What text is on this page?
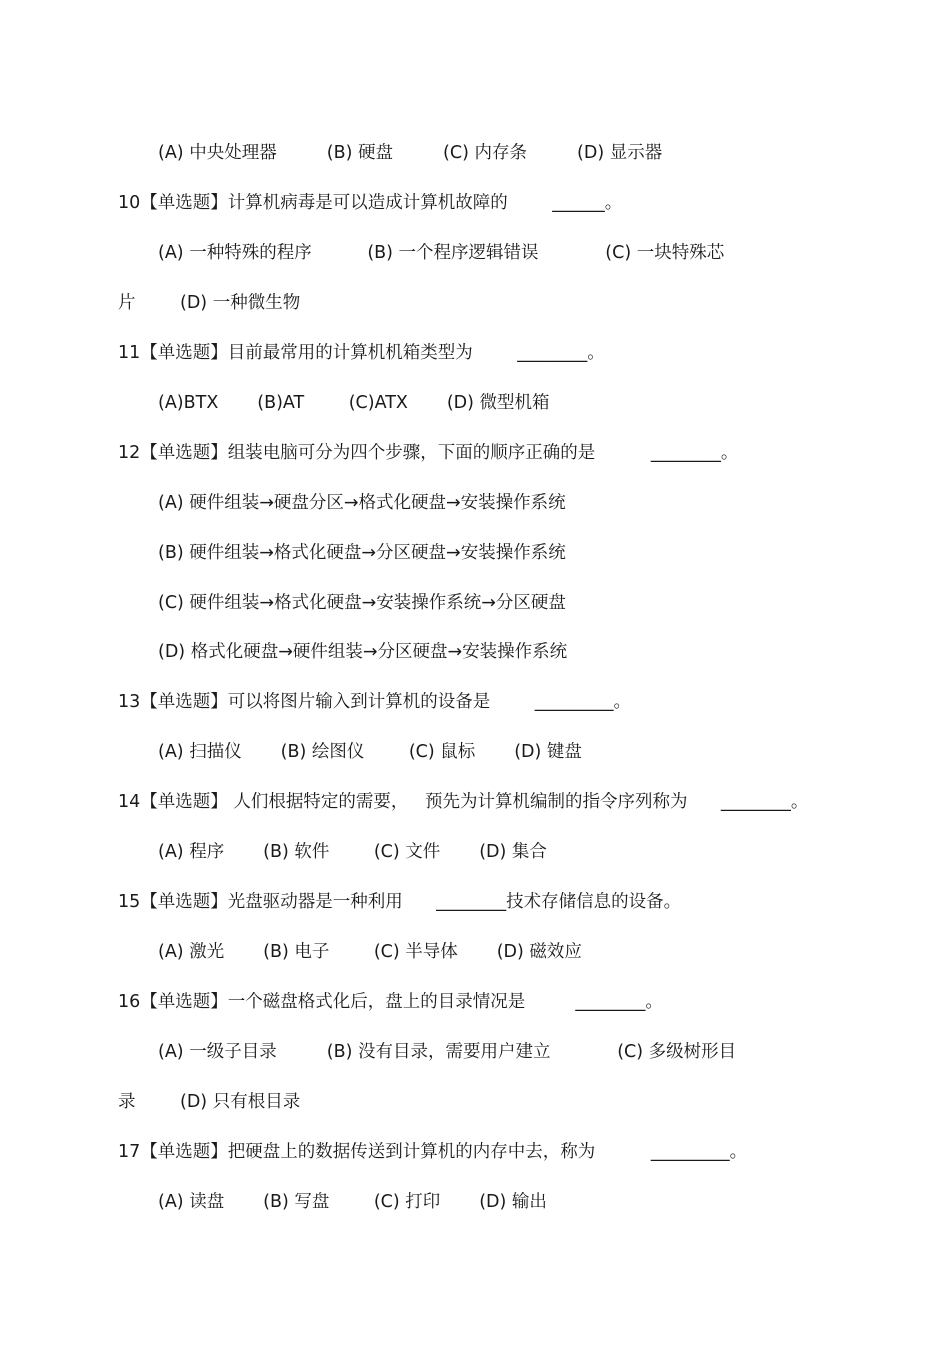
(A) 中央处理器         (B) 硬盘         (C) 内存条         (D) 显示器
10【单选题】计算机病毒是可以造成计算机故障的        ______。
(A) 一种特殊的程序          (B) 一个程序逻辑错误            (C) 一块特殊芯
片        (D) 一种微生物
11【单选题】目前最常用的计算机机箱类型为        ________。
(A)BTX       (B)AT        (C)ATX       (D) 微型机箱
12【单选题】组装电脑可分为四个步骤，下面的顺序正确的是          ________。
(A) 硬件组装→硬盘分区→格式化硬盘→安装操作系统
(B) 硬件组装→格式化硬盘→分区硬盘→安装操作系统
(C) 硬件组装→格式化硬盘→安装操作系统→分区硬盘
(D) 格式化硬盘→硬件组装→分区硬盘→安装操作系统
13【单选题】可以将图片输入到计算机的设备是        _________。
(A) 扫描仪       (B) 绘图仪        (C) 鼠标       (D) 键盘
14【单选题】 人们根据特定的需要，   预先为计算机编制的指令序列称为      ________。
(A) 程序       (B) 软件        (C) 文件       (D) 集合
15【单选题】光盘驱动器是一种利用      ________技术存储信息的设备。
(A) 激光       (B) 电子        (C) 半导体       (D) 磁效应
16【单选题】一个磁盘格式化后，盘上的目录情况是         ________。
(A) 一级子目录         (B) 没有目录，需要用户建立            (C) 多级树形目
录        (D) 只有根目录
17【单选题】把硬盘上的数据传送到计算机的内存中去，称为          _________。
(A) 读盘       (B) 写盘        (C) 打印       (D) 输出
